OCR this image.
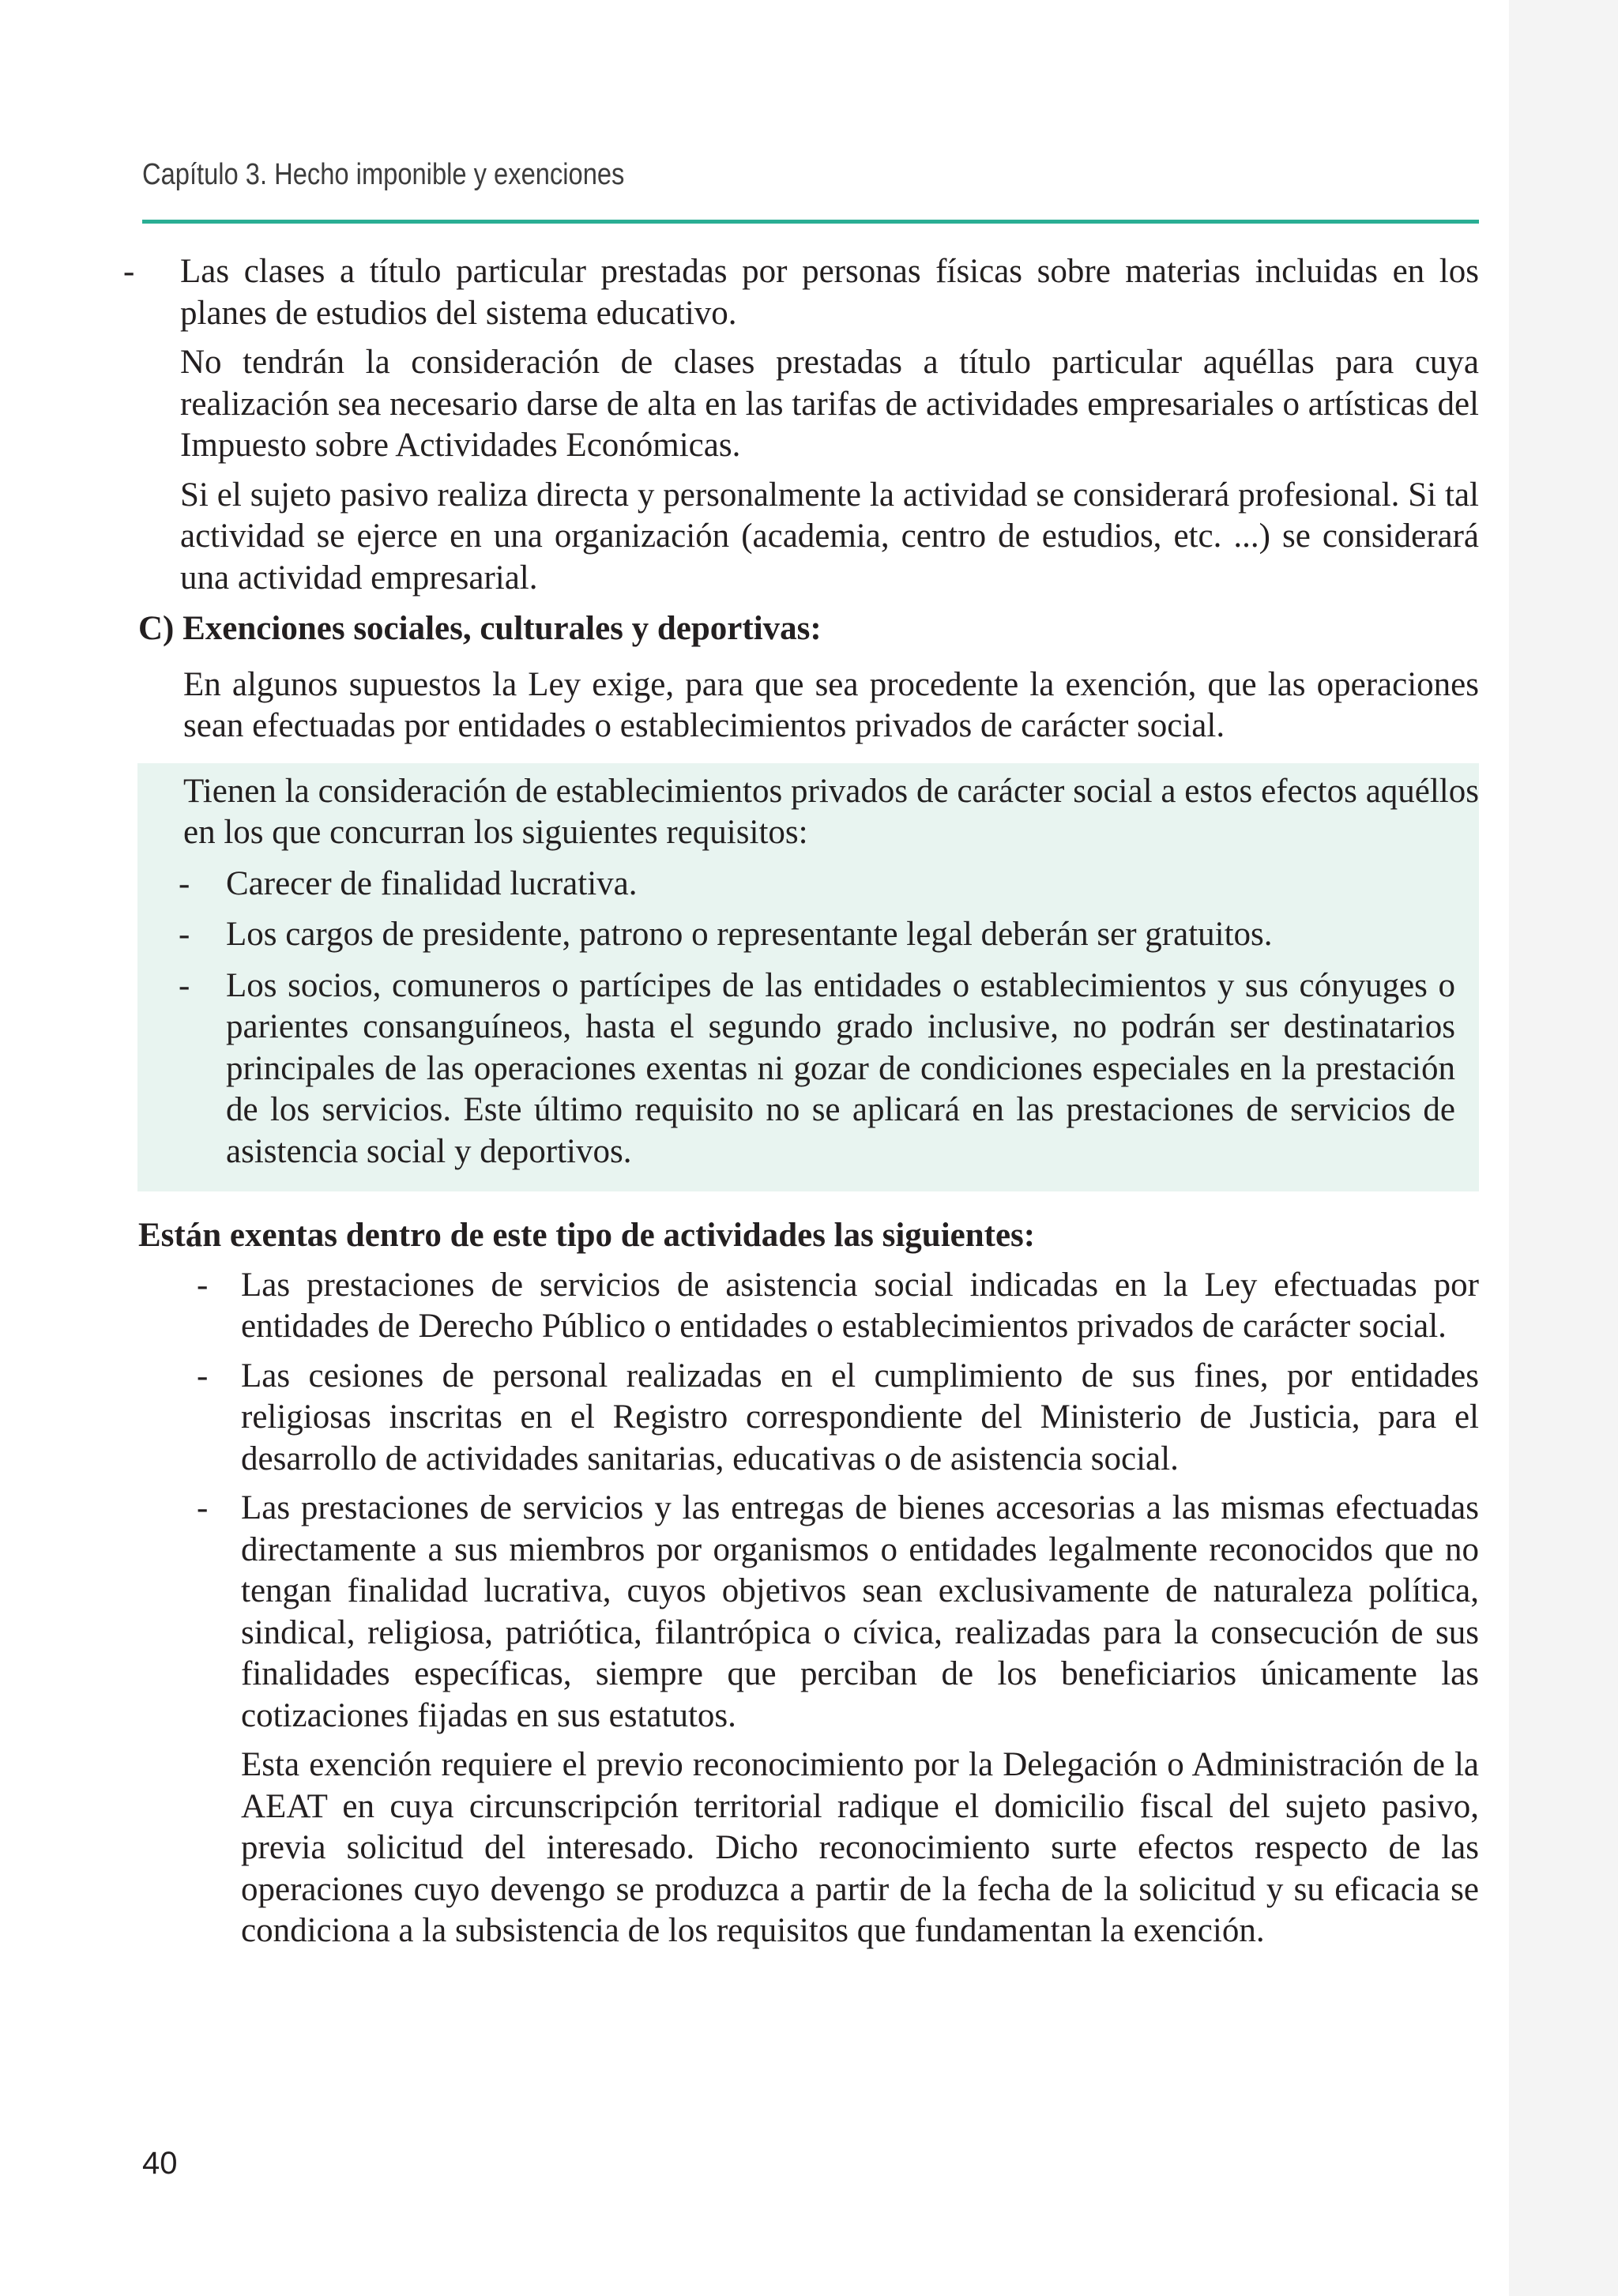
Capítulo 3. Hecho imponible y exenciones
- Las clases a título particular prestadas por personas físicas sobre materias incluidas en los planes de estudios del sistema educativo.

No tendrán la consideración de clases prestadas a título particular aquéllas para cuya realización sea necesario darse de alta en las tarifas de actividades empresariales o artísticas del Impuesto sobre Actividades Económicas.

Si el sujeto pasivo realiza directa y personalmente la actividad se considerará profesional. Si tal actividad se ejerce en una organización (academia, centro de estudios, etc. ...) se considerará una actividad empresarial.

C) Exenciones sociales, culturales y deportivas:

En algunos supuestos la Ley exige, para que sea procedente la exención, que las operaciones sean efectuadas por entidades o establecimientos privados de carácter social.

Tienen la consideración de establecimientos privados de carácter social a estos efectos aquéllos en los que concurran los siguientes requisitos:

- Carecer de finalidad lucrativa.

- Los cargos de presidente, patrono o representante legal deberán ser gratuitos.

- Los socios, comuneros o partícipes de las entidades o establecimientos y sus cónyuges o parientes consanguíneos, hasta el segundo grado inclusive, no podrán ser destinatarios principales de las operaciones exentas ni gozar de condiciones especiales en la prestación de los servicios. Este último requisito no se aplicará en las prestaciones de servicios de asistencia social y deportivos.

Están exentas dentro de este tipo de actividades las siguientes:
- Las prestaciones de servicios de asistencia social indicadas en la Ley efectuadas por entidades de Derecho Público o entidades o establecimientos privados de carácter social.

- Las cesiones de personal realizadas en el cumplimiento de sus fines, por entidades religiosas inscritas en el Registro correspondiente del Ministerio de Justicia, para el desarrollo de actividades sanitarias, educativas o de asistencia social.

- Las prestaciones de servicios y las entregas de bienes accesorias a las mismas efectuadas directamente a sus miembros por organismos o entidades legalmente reconocidos que no tengan finalidad lucrativa, cuyos objetivos sean exclusivamente de naturaleza política, sindical, religiosa, patriótica, filantrópica o cívica, realizadas para la consecución de sus finalidades específicas, siempre que perciban de los beneficiarios únicamente las cotizaciones fijadas en sus estatutos.

Esta exención requiere el previo reconocimiento por la Delegación o Administración de la AEAT en cuya circunscripción territorial radique el domicilio fiscal del sujeto pasivo, previa solicitud del interesado. Dicho reconocimiento surte efectos respecto de las operaciones cuyo devengo se produzca a partir de la fecha de la solicitud y su eficacia se condiciona a la subsistencia de los requisitos que fundamentan la exención.

40
